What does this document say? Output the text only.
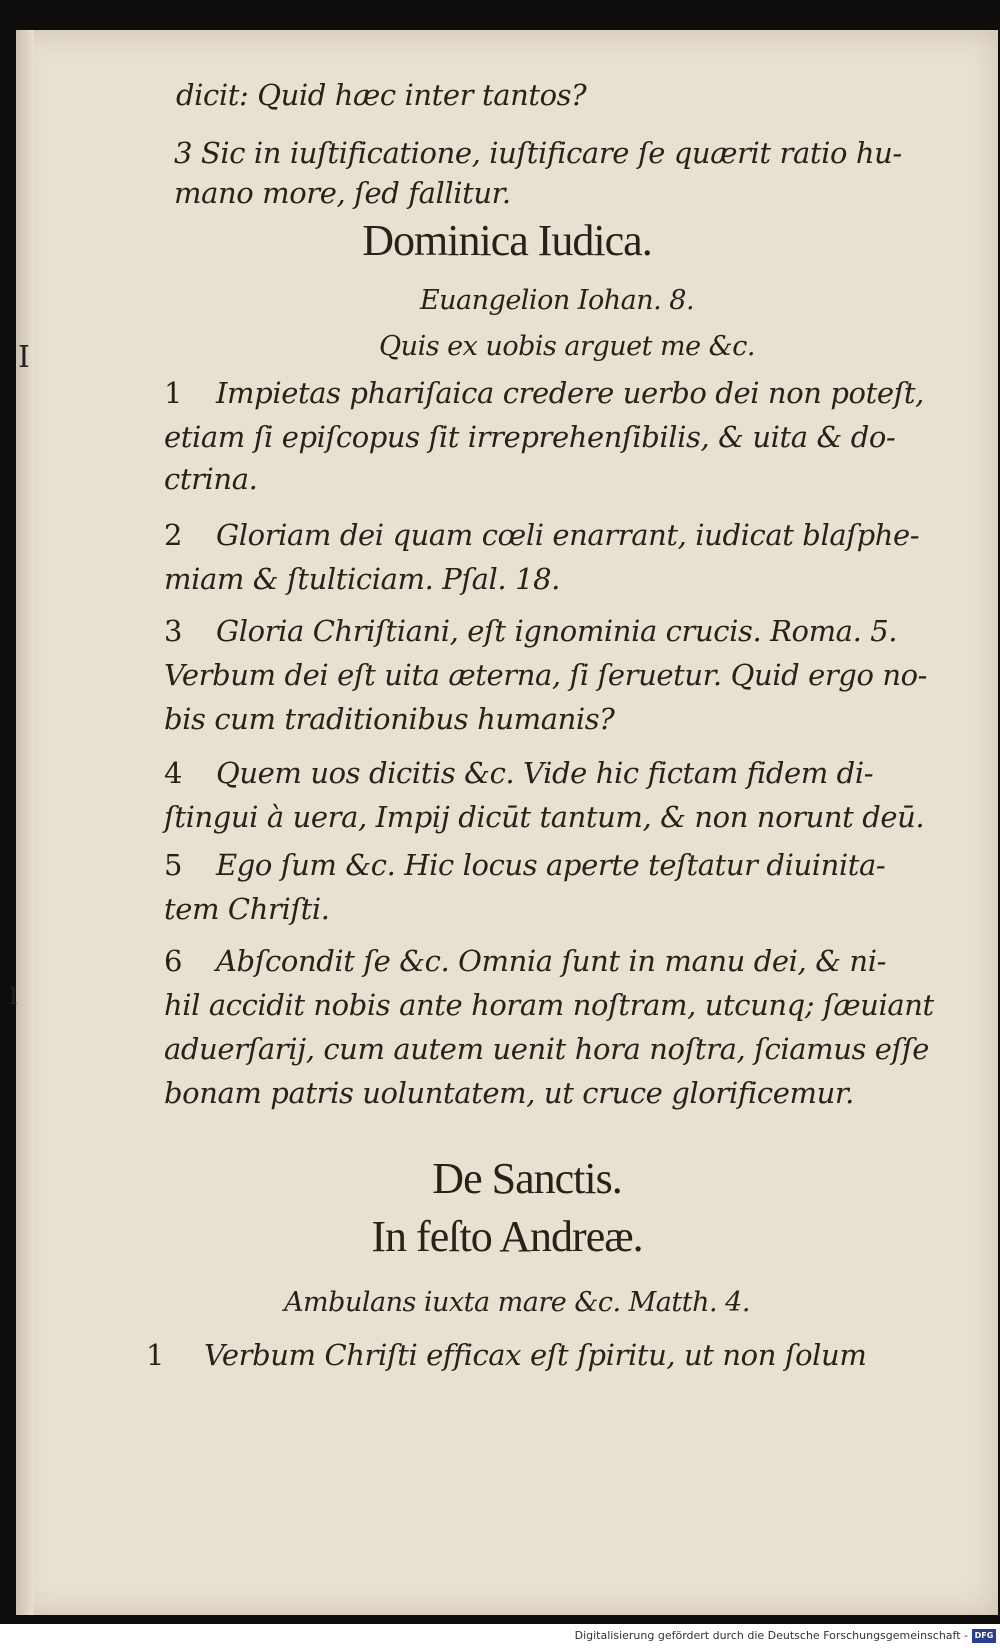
I
l
dicit: Quid hæc inter tantos?
3 Sic in iuſtificatione, iuſtificare ſe quærit ratio hu-
mano more, ſed fallitur.
Dominica Iudica.
Euangelion Iohan. 8.
Quis ex uobis arguet me &c.
1 Impietas phariſaica credere uerbo dei non poteſt,
etiam ſi epiſcopus ſit irreprehenſibilis, & uita & do-
ctrina.
2 Gloriam dei quam cœli enarrant, iudicat blaſphe-
miam & ſtulticiam. Pſal. 18.
3 Gloria Chriſtiani, eſt ignominia crucis. Roma. 5.
Verbum dei eſt uita æterna, ſi ſeruetur. Quid ergo no-
bis cum traditionibus humanis?
4 Quem uos dicitis &c. Vide hic fictam fidem di-
ſtingui à uera, Impij dicūt tantum, & non norunt deū.
5 Ego ſum &c. Hic locus aperte teſtatur diuinita-
tem Chriſti.
6 Abſcondit ſe &c. Omnia ſunt in manu dei, & ni-
hil accidit nobis ante horam noſtram, utcunq; ſæuiant
aduerſarij, cum autem uenit hora noſtra, ſciamus eſſe
bonam patris uoluntatem, ut cruce glorificemur.
De Sanctis.
In feſto Andreæ.
Ambulans iuxta mare &c. Matth. 4.
1 Verbum Chriſti efficax eſt ſpiritu, ut non ſolum
Digitalisierung gefördert durch die Deutsche Forschungsgemeinschaft - DFG
